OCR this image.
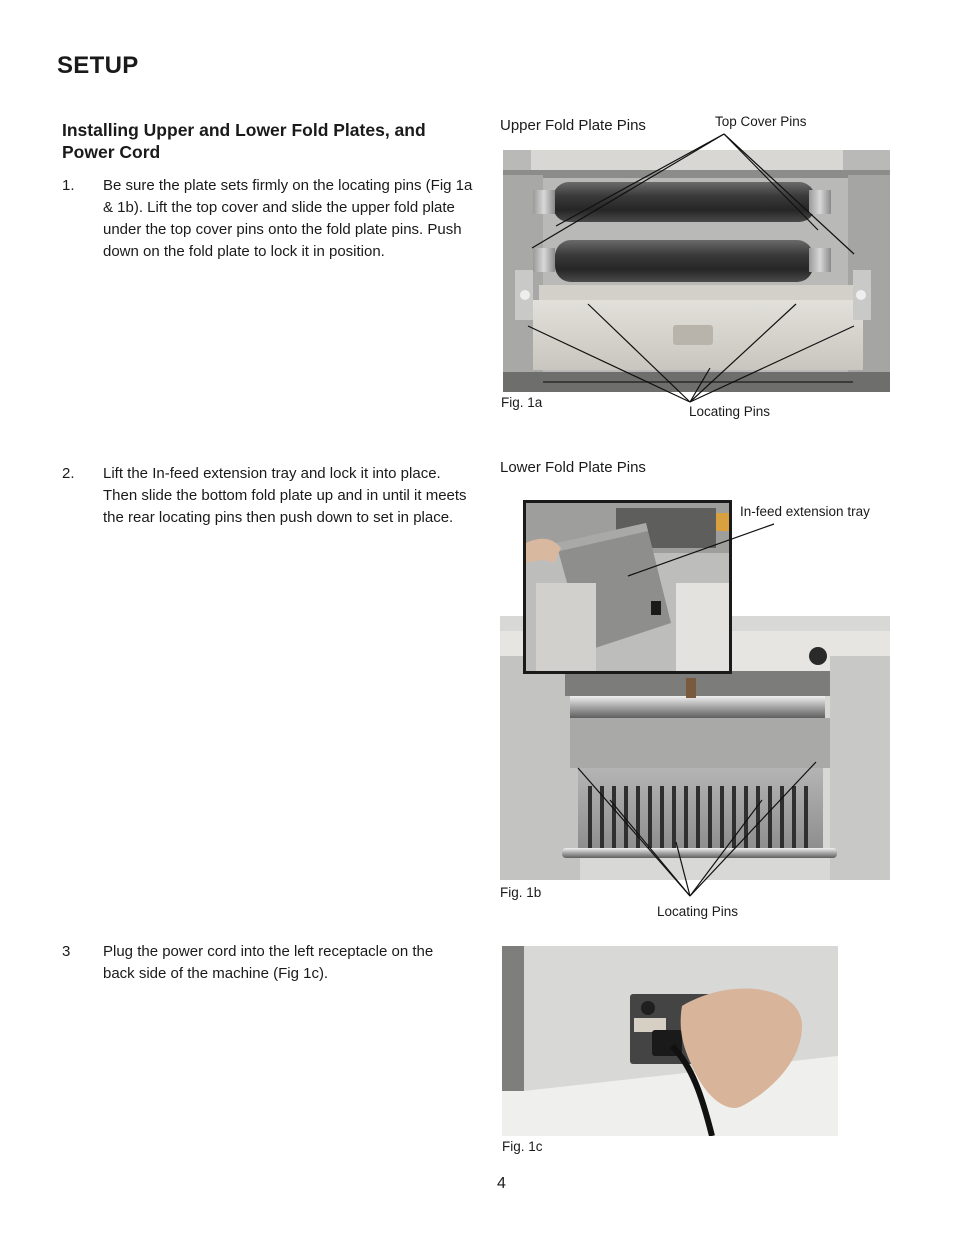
SETUP
Installing Upper and Lower Fold Plates, and Power Cord
1. Be sure the plate sets firmly on the locating pins (Fig 1a & 1b). Lift the top cover and slide the upper fold plate under the top cover pins onto the fold plate pins. Push down on the fold plate to lock it in position.
2. Lift the In-feed extension tray and lock it into place. Then slide the bottom fold plate up and in until it meets the rear locating pins then push down to set in place.
3 Plug the power cord into the left receptacle on the back side of the machine (Fig 1c).
Upper Fold Plate Pins	Top Cover Pins
Fig. 1a
Locating Pins
Lower Fold Plate Pins
In-feed extension tray
Fig. 1b
Locating Pins
Fig. 1c
4
